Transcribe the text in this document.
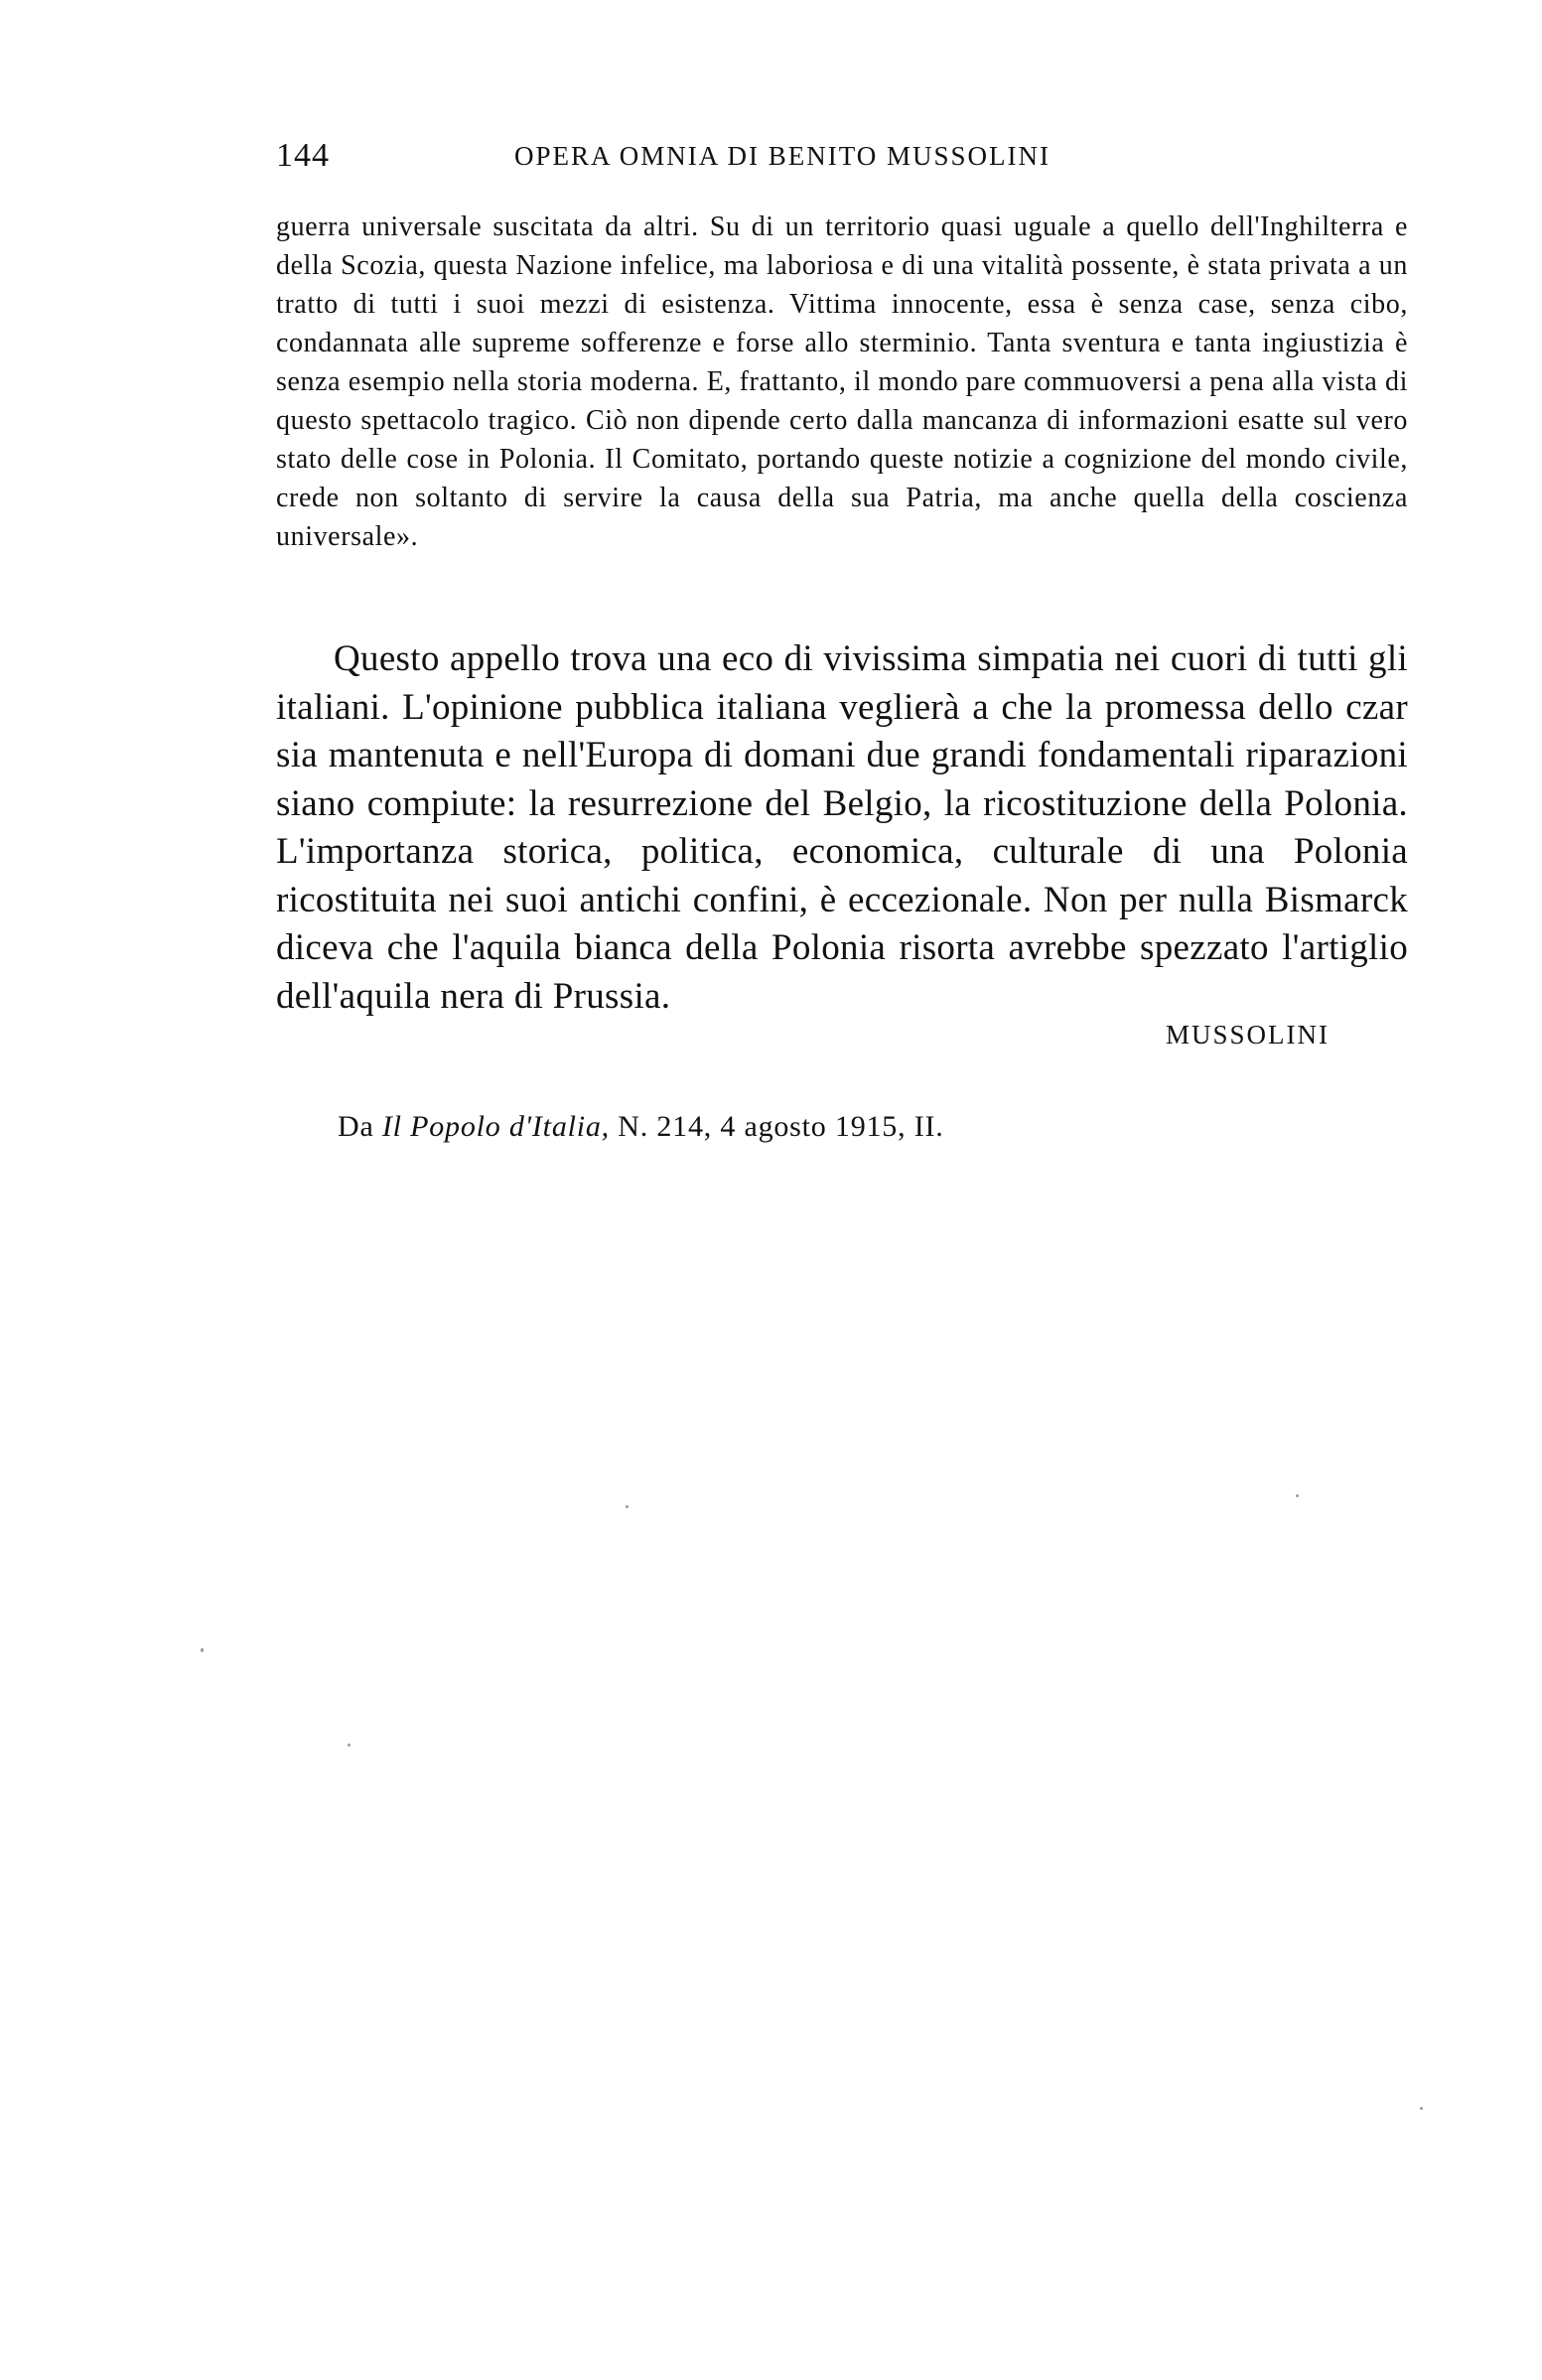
144	OPERA OMNIA DI BENITO MUSSOLINI

guerra universale suscitata da altri. Su di un territorio quasi uguale a quello dell'Inghilterra e della Scozia, questa Nazione infelice, ma laboriosa e di una vitalità possente, è stata privata a un tratto di tutti i suoi mezzi di esistenza. Vittima innocente, essa è senza case, senza cibo, condannata alle supreme sofferenze e forse allo sterminio. Tanta sventura e tanta ingiustizia è senza esempio nella storia moderna. E, frattanto, il mondo pare commuoversi a pena alla vista di questo spettacolo tragico. Ciò non dipende certo dalla mancanza di informazioni esatte sul vero stato delle cose in Polonia. Il Comitato, portando queste notizie a cognizione del mondo civile, crede non soltanto di servire la causa della sua Patria, ma anche quella della coscienza universale».

Questo appello trova una eco di vivissima simpatia nei cuori di tutti gli italiani. L'opinione pubblica italiana veglierà a che la promessa dello czar sia mantenuta e nell'Europa di domani due grandi fondamentali riparazioni siano compiute: la resurrezione del Belgio, la ricostituzione della Polonia. L'importanza storica, politica, economica, culturale di una Polonia ricostituita nei suoi antichi confini, è eccezionale. Non per nulla Bismarck diceva che l'aquila bianca della Polonia risorta avrebbe spezzato l'artiglio dell'aquila nera di Prussia.

MUSSOLINI
Da Il Popolo d'Italia, N. 214, 4 agosto 1915, II.
